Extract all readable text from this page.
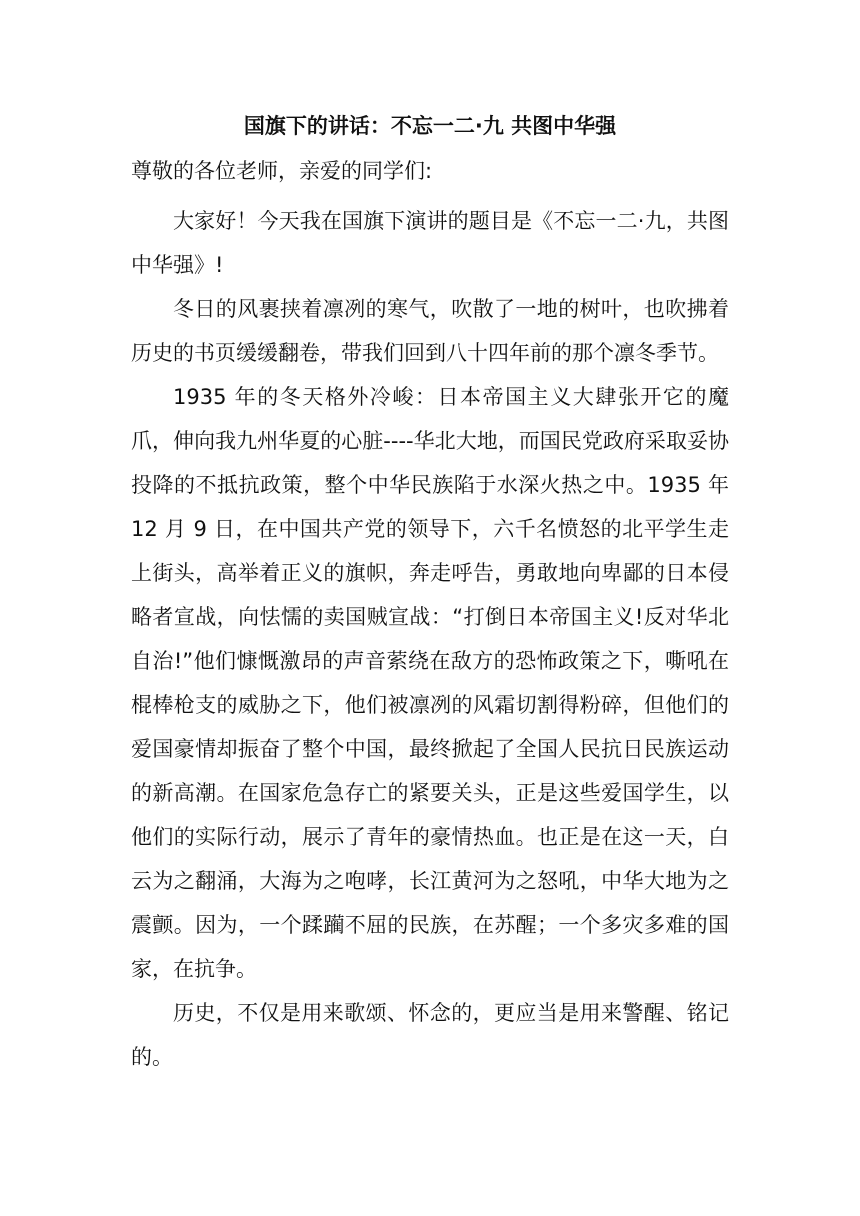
国旗下的讲话：不忘一二·九 共图中华强

尊敬的各位老师，亲爱的同学们:

大家好！今天我在国旗下演讲的题目是《不忘一二·九，共图中华强》!

冬日的风裹挟着凛冽的寒气，吹散了一地的树叶，也吹拂着历史的书页缓缓翻卷，带我们回到八十四年前的那个凛冬季节。

1935 年的冬天格外冷峻：日本帝国主义大肆张开它的魔爪，伸向我九州华夏的心脏----华北大地，而国民党政府采取妥协投降的不抵抗政策，整个中华民族陷于水深火热之中。1935 年 12 月 9 日，在中国共产党的领导下，六千名愤怒的北平学生走上街头，高举着正义的旗帜，奔走呼告，勇敢地向卑鄙的日本侵略者宣战，向怯懦的卖国贼宣战：“打倒日本帝国主义!反对华北自治!”他们慷慨激昂的声音萦绕在敌方的恐怖政策之下，嘶吼在棍棒枪支的威胁之下，他们被凛冽的风霜切割得粉碎，但他们的爱国豪情却振奋了整个中国，最终掀起了全国人民抗日民族运动的新高潮。在国家危急存亡的紧要关头，正是这些爱国学生，以他们的实际行动，展示了青年的豪情热血。也正是在这一天，白云为之翻涌，大海为之咆哮，长江黄河为之怒吼，中华大地为之震颤。因为，一个蹂躏不屈的民族，在苏醒；一个多灾多难的国家，在抗争。

历史，不仅是用来歌颂、怀念的，更应当是用来警醒、铭记的。
